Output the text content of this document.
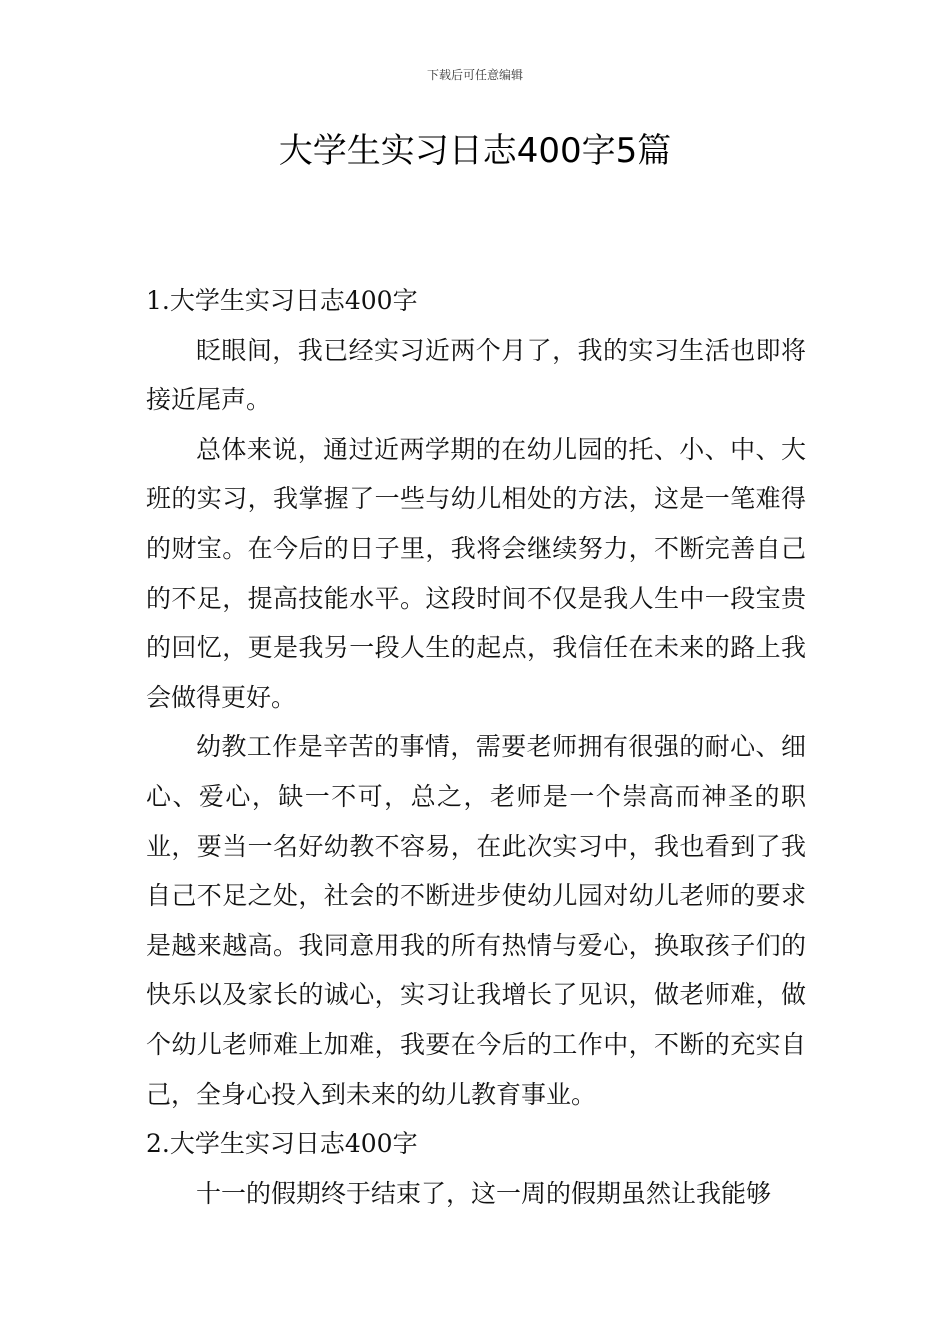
下载后可任意编辑
大学生实习日志400字5篇
1.大学生实习日志400字

眨眼间，我已经实习近两个月了，我的实习生活也即将接近尾声。

总体来说，通过近两学期的在幼儿园的托、小、中、大班的实习，我掌握了一些与幼儿相处的方法，这是一笔难得的财宝。在今后的日子里，我将会继续努力，不断完善自己的不足，提高技能水平。这段时间不仅是我人生中一段宝贵的回忆，更是我另一段人生的起点，我信任在未来的路上我会做得更好。

幼教工作是辛苦的事情，需要老师拥有很强的耐心、细心、爱心，缺一不可，总之，老师是一个崇高而神圣的职业，要当一名好幼教不容易，在此次实习中，我也看到了我自己不足之处，社会的不断进步使幼儿园对幼儿老师的要求是越来越高。我同意用我的所有热情与爱心，换取孩子们的快乐以及家长的诚心，实习让我增长了见识，做老师难，做个幼儿老师难上加难，我要在今后的工作中，不断的充实自己，全身心投入到未来的幼儿教育事业。

2.大学生实习日志400字

十一的假期终于结束了，这一周的假期虽然让我能够
